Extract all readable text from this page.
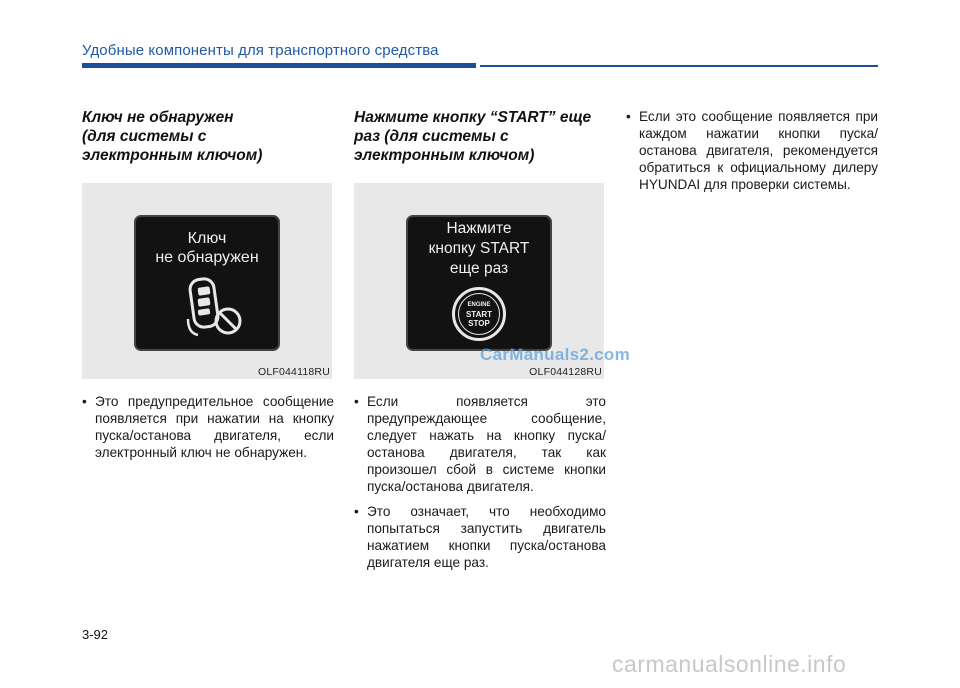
Удобные компоненты для транспортного средства
Ключ не обнаружен
(для системы с
электронным ключом)
Ключ
не обнаружен
OLF044118RU
• Это предупредительное сообщение появляется при нажатии на кнопку пуска/останова двигателя, если электронный ключ не обнаружен.
Нажмите кнопку “START” еще
раз (для системы с
электронным ключом)
Нажмите
кнопку START
еще раз
ENGINE
START
STOP
OLF044128RU
• Если появляется это предупреждающее сообщение, следует нажать на кнопку пуска/останова двигателя, так как произошел сбой в системе кнопки пуска/останова двигателя.
• Это означает, что необходимо попытаться запустить двигатель нажатием кнопки пуска/останова двигателя еще раз.
• Если это сообщение появляется при каждом нажатии кнопки пуска/останова двигателя, рекомендуется обратиться к официальному дилеру HYUNDAI для проверки системы.
3-92
CarManuals2.com
carmanualsonline.info
